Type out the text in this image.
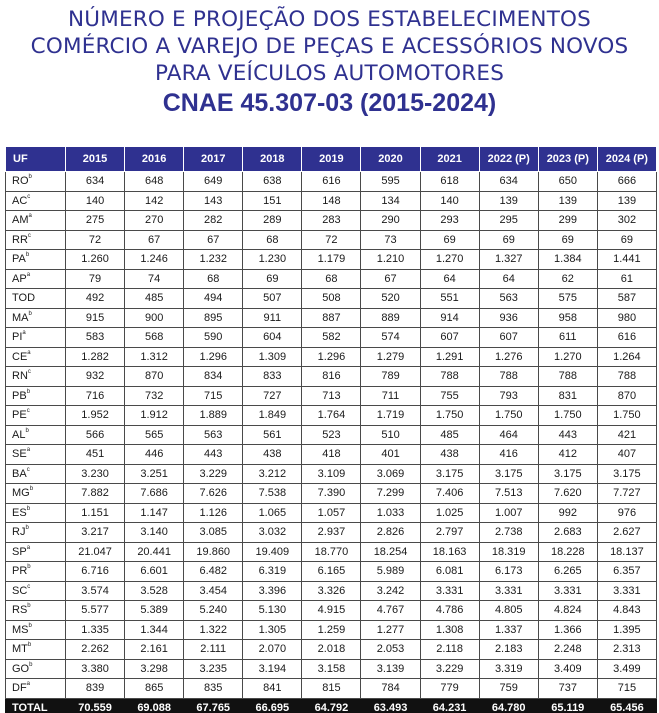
NÚMERO E PROJEÇÃO DOS ESTABELECIMENTOS
COMÉRCIO A VAREJO DE PEÇAS E ACESSÓRIOS NOVOS
PARA VEÍCULOS AUTOMOTORES
CNAE 45.307-03 (2015-2024)
UF	2015	2016	2017	2018	2019	2020	2021	2022 (P)	2023 (P)	2024 (P)
$RO^b$	634	648	649	638	616	595	618	634	650	666
$AC^c$	140	142	143	151	148	134	140	139	139	139
$AM^a$	275	270	282	289	283	290	293	295	299	302
$RR^c$	72	67	67	68	72	73	69	69	69	69
$PA^b$	1.260	1.246	1.232	1.230	1.179	1.210	1.270	1.327	1.384	1.441
$AP^a$	79	74	68	69	68	67	64	64	62	61
TOD	492	485	494	507	508	520	551	563	575	587
$MA^b$	915	900	895	911	887	889	914	936	958	980
$PI^a$	583	568	590	604	582	574	607	607	611	616
$CE^a$	1.282	1.312	1.296	1.309	1.296	1.279	1.291	1.276	1.270	1.264
$RN^c$	932	870	834	833	816	789	788	788	788	788
$PB^b$	716	732	715	727	713	711	755	793	831	870
$PE^c$	1.952	1.912	1.889	1.849	1.764	1.719	1.750	1.750	1.750	1.750
$AL^b$	566	565	563	561	523	510	485	464	443	421
$SE^a$	451	446	443	438	418	401	438	416	412	407
$BA^c$	3.230	3.251	3.229	3.212	3.109	3.069	3.175	3.175	3.175	3.175
$MG^b$	7.882	7.686	7.626	7.538	7.390	7.299	7.406	7.513	7.620	7.727
$ES^b$	1.151	1.147	1.126	1.065	1.057	1.033	1.025	1.007	992	976
$RJ^b$	3.217	3.140	3.085	3.032	2.937	2.826	2.797	2.738	2.683	2.627
$SP^a$	21.047	20.441	19.860	19.409	18.770	18.254	18.163	18.319	18.228	18.137
$PR^b$	6.716	6.601	6.482	6.319	6.165	5.989	6.081	6.173	6.265	6.357
$SC^c$	3.574	3.528	3.454	3.396	3.326	3.242	3.331	3.331	3.331	3.331
$RS^b$	5.577	5.389	5.240	5.130	4.915	4.767	4.786	4.805	4.824	4.843
$MS^b$	1.335	1.344	1.322	1.305	1.259	1.277	1.308	1.337	1.366	1.395
$MT^b$	2.262	2.161	2.111	2.070	2.018	2.053	2.118	2.183	2.248	2.313
$GO^b$	3.380	3.298	3.235	3.194	3.158	3.139	3.229	3.319	3.409	3.499
$DF^a$	839	865	835	841	815	784	779	759	737	715
TOTAL	70.559	69.088	67.765	66.695	64.792	63.493	64.231	64.780	65.119	65.456
